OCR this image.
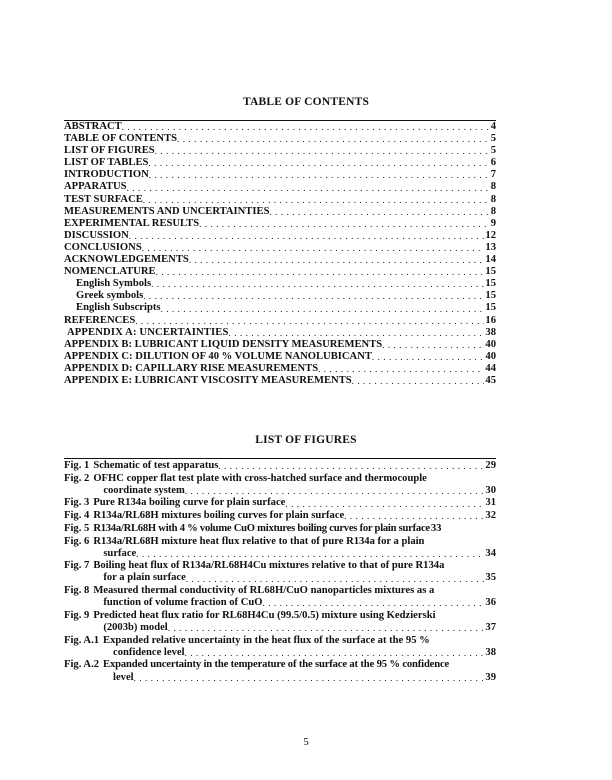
TABLE OF CONTENTS
ABSTRACT . . .	4
TABLE OF CONTENTS . . .	5
LIST OF FIGURES . . .	5
LIST OF TABLES . . .	6
INTRODUCTION . . .	7
APPARATUS . . .	8
TEST SURFACE . . .	8
MEASUREMENTS AND UNCERTAINTIES . . .	8
EXPERIMENTAL RESULTS . . .	9
DISCUSSION . . .	12
CONCLUSIONS . . .	13
ACKNOWLEDGEMENTS . . .	14
NOMENCLATURE . . .	15
English Symbols . . .	15
Greek symbols . . .	15
English Subscripts . . .	15
REFERENCES . . .	16
APPENDIX A: UNCERTAINTIES . . .	38
APPENDIX B: LUBRICANT LIQUID DENSITY MEASUREMENTS . . .	40
APPENDIX C: DILUTION OF 40 % VOLUME NANOLUBICANT . . .	40
APPENDIX D: CAPILLARY RISE MEASUREMENTS . . .	44
APPENDIX E: LUBRICANT VISCOSITY MEASUREMENTS . . .	45
LIST OF FIGURES
Fig. 1 Schematic of test apparatus . . .	29
Fig. 2 OFHC copper flat test plate with cross-hatched surface and thermocouple
coordinate system . . .	30
Fig. 3 Pure R134a boiling curve for plain surface . . .	31
Fig. 4 R134a/RL68H mixtures boiling curves for plain surface . . .	32
Fig. 5 R134a/RL68H with 4 % volume CuO mixtures boiling curves for plain surface 33
Fig. 6 R134a/RL68H mixture heat flux relative to that of pure R134a for a plain
surface . . .	34
Fig. 7 Boiling heat flux of R134a/RL68H4Cu mixtures relative to that of pure R134a
for a plain surface . . .	35
Fig. 8 Measured thermal conductivity of RL68H/CuO nanoparticles mixtures as a
function of volume fraction of CuO . . .	36
Fig. 9 Predicted heat flux ratio for RL68H4Cu (99.5/0.5) mixture using Kedzierski
(2003b) model . . .	37
Fig. A.1 Expanded relative uncertainty in the heat flux of the surface at the 95 %
confidence level . . .	38
Fig. A.2 Expanded uncertainty in the temperature of the surface at the 95 % confidence
level . . .	39
5
